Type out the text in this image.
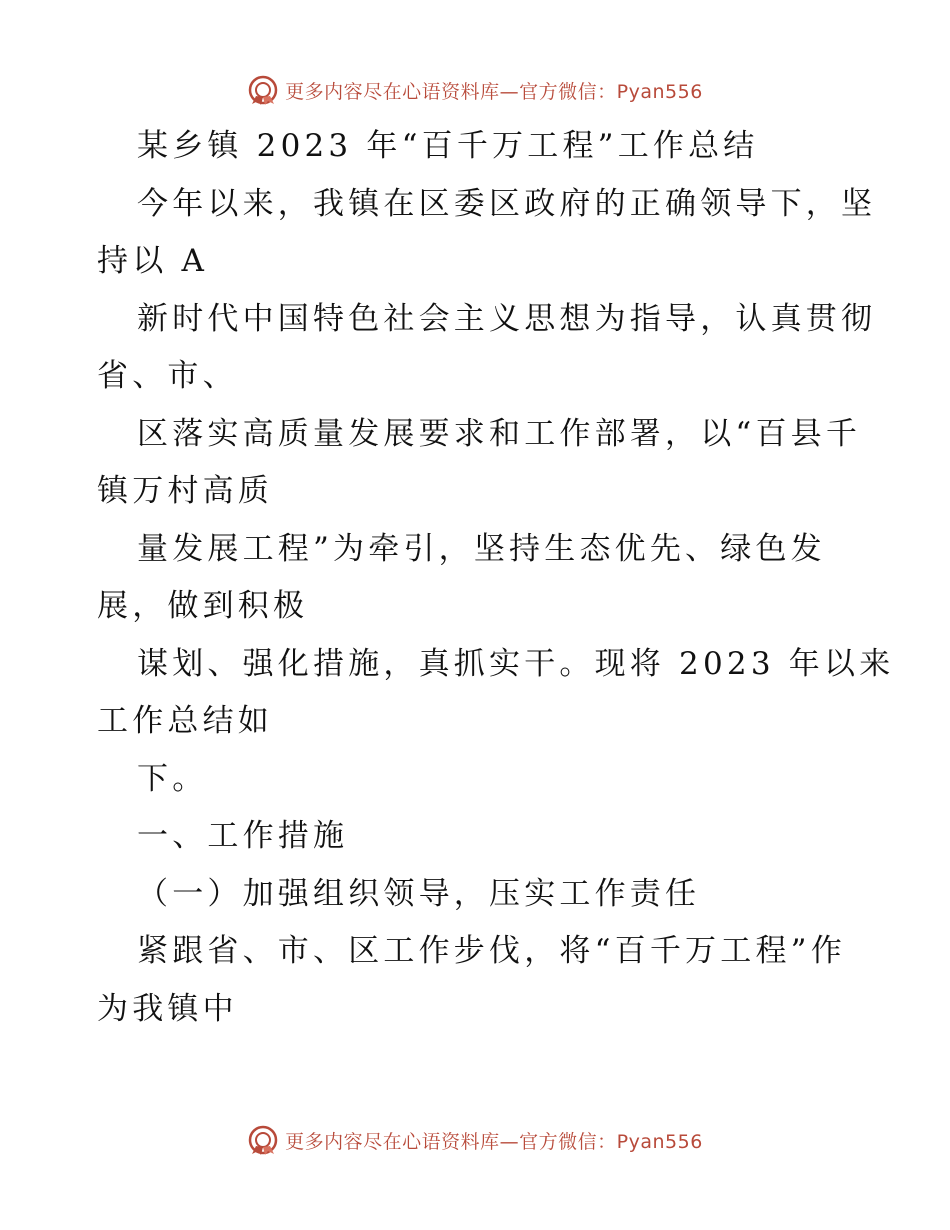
更多内容尽在心语资料库—官方微信：Pyan556
某乡镇 2023 年“百千万工程”工作总结
今年以来，我镇在区委区政府的正确领导下，坚
持以 A
新时代中国特色社会主义思想为指导，认真贯彻
省、市、
区落实高质量发展要求和工作部署，以“百县千
镇万村高质
量发展工程”为牵引，坚持生态优先、绿色发
展，做到积极
谋划、强化措施，真抓实干。现将 2023 年以来
工作总结如
下。
一、工作措施
（一）加强组织领导，压实工作责任
紧跟省、市、区工作步伐，将“百千万工程”作
为我镇中
更多内容尽在心语资料库—官方微信：Pyan556
